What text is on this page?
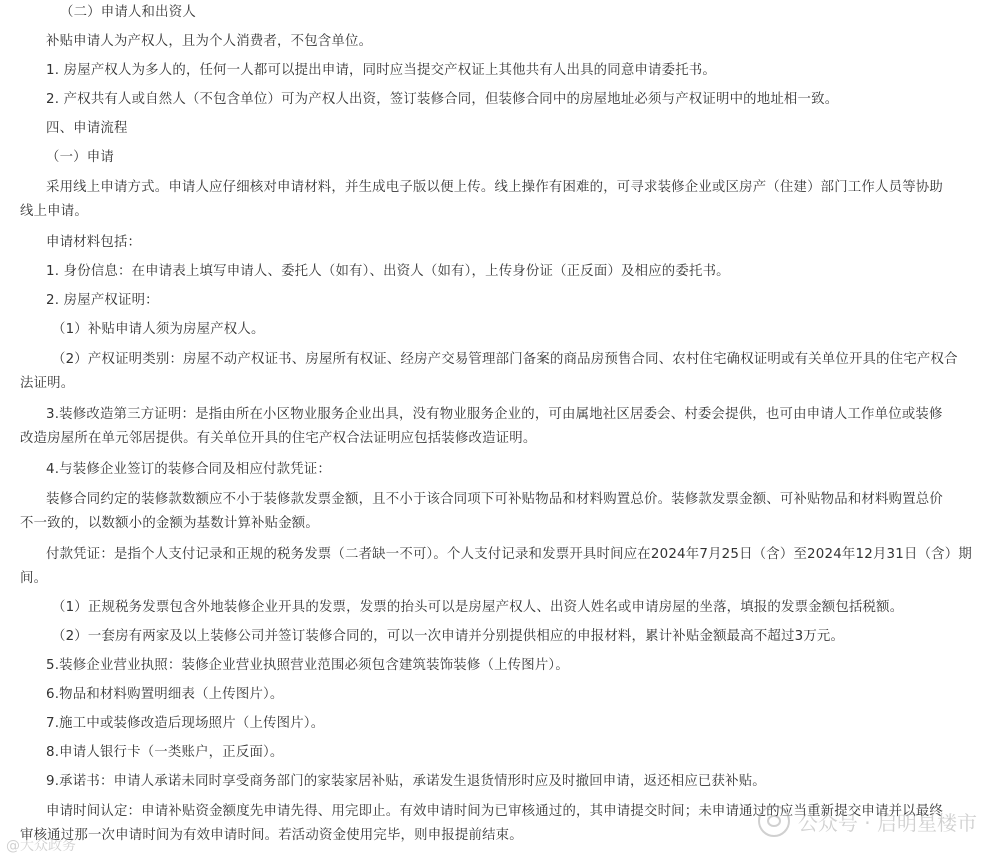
（二）申请人和出资人

补贴申请人为产权人，且为个人消费者，不包含单位。

1. 房屋产权人为多人的，任何一人都可以提出申请，同时应当提交产权证上其他共有人出具的同意申请委托书。

2. 产权共有人或自然人（不包含单位）可为产权人出资，签订装修合同，但装修合同中的房屋地址必须与产权证明中的地址相一致。

四、申请流程

（一）申请

采用线上申请方式。申请人应仔细核对申请材料，并生成电子版以便上传。线上操作有困难的，可寻求装修企业或区房产（住建）部门工作人员等协助

线上申请。

申请材料包括：

1. 身份信息：在申请表上填写申请人、委托人（如有）、出资人（如有），上传身份证（正反面）及相应的委托书。

2. 房屋产权证明：

（1）补贴申请人须为房屋产权人。

（2）产权证明类别：房屋不动产权证书、房屋所有权证、经房产交易管理部门备案的商品房预售合同、农村住宅确权证明或有关单位开具的住宅产权合

法证明。

3.装修改造第三方证明：是指由所在小区物业服务企业出具，没有物业服务企业的，可由属地社区居委会、村委会提供，也可由申请人工作单位或装修

改造房屋所在单元邻居提供。有关单位开具的住宅产权合法证明应包括装修改造证明。

4.与装修企业签订的装修合同及相应付款凭证：

装修合同约定的装修款数额应不小于装修款发票金额，且不小于该合同项下可补贴物品和材料购置总价。装修款发票金额、可补贴物品和材料购置总价

不一致的，以数额小的金额为基数计算补贴金额。

付款凭证：是指个人支付记录和正规的税务发票（二者缺一不可）。个人支付记录和发票开具时间应在2024年7月25日（含）至2024年12月31日（含）期

间。

（1）正规税务发票包含外地装修企业开具的发票，发票的抬头可以是房屋产权人、出资人姓名或申请房屋的坐落，填报的发票金额包括税额。

（2）一套房有两家及以上装修公司并签订装修合同的，可以一次申请并分别提供相应的申报材料，累计补贴金额最高不超过3万元。

5.装修企业营业执照：装修企业营业执照营业范围必须包含建筑装饰装修（上传图片）。

6.物品和材料购置明细表（上传图片）。

7.施工中或装修改造后现场照片（上传图片）。

8.申请人银行卡（一类账户，正反面）。

9.承诺书：申请人承诺未同时享受商务部门的家装家居补贴，承诺发生退货情形时应及时撤回申请，返还相应已获补贴。

申请时间认定：申请补贴资金额度先申请先得、用完即止。有效申请时间为已审核通过的，其申请提交时间；未申请通过的应当重新提交申请并以最终

审核通过那一次申请时间为有效申请时间。若活动资金使用完毕，则申报提前结束。

公众号 · 启明星楼市
@大众政务
